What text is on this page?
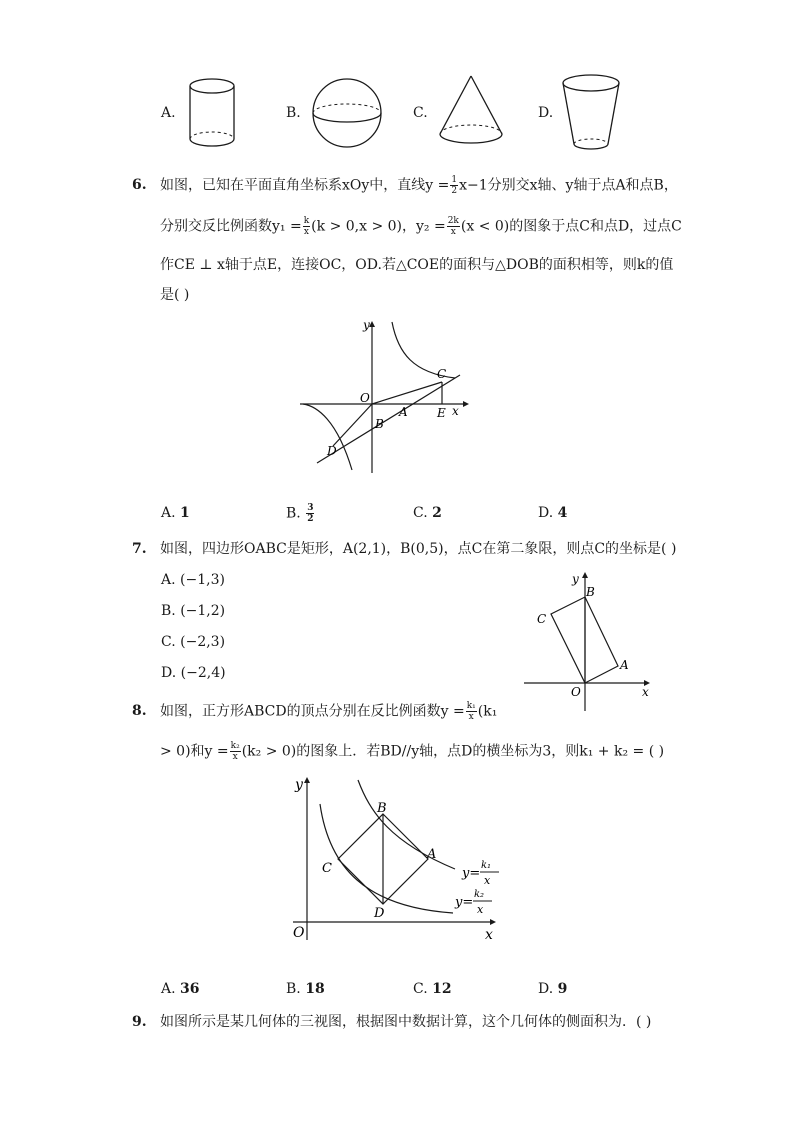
A.	B.	C.	D.
6. 如图，已知在平面直角坐标系xOy中，直线$y = \frac{1}{2} x-1$分别交x轴、y轴于点A和点B，
分别交反比例函数$y_1 = \frac{k}{x} (k > 0,x > 0)$，$y_2 = \frac{2k}{x} (x < 0)$的图象于点C和点D，过点C
作CE ⊥ x轴于点E，连接OC，OD.若△COE的面积与△DOB的面积相等，则k的值
是( )
y
x
O
A
B
C
D
E
A. 1	B. $\frac{3}{2}$	C. 2	D. 4
7. 如图，四边形OABC是矩形，A(2,1)，B(0,5)，点C在第二象限，则点C的坐标是( )
A. (−1,3)
B. (−1,2)
C. (−2,3)
D. (−2,4)
y
x
O
A
B
C
8. 如图，正方形ABCD的顶点分别在反比例函数$y = \frac{\text{k₁}}{x} (k_1$
> 0)和$y = \frac{\text{k₂}}{x} (k_2 > 0)$的图象上．若BD//y轴，点D的横坐标为3，则k₁ + k₂ = ( )
y
x
O
B
A
C
D
y=
k₁
x
y=
k₂
x
A. 36	B. 18	C. 12	D. 9
9. 如图所示是某几何体的三视图，根据图中数据计算，这个几何体的侧面积为．( )
